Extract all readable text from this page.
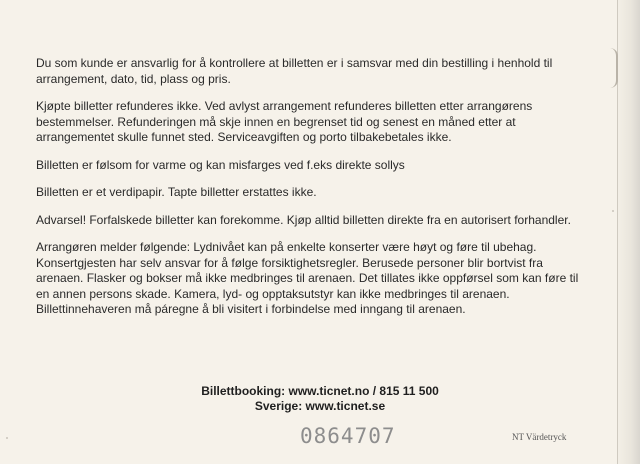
Du som kunde er ansvarlig for å kontrollere at billetten er i samsvar med din bestilling i henhold til arrangement, dato, tid, plass og pris.

Kjøpte billetter refunderes ikke. Ved avlyst arrangement refunderes billetten etter arrangørens bestemmelser. Refunderingen må skje innen en begrenset tid og senest en måned etter at arrangementet skulle funnet sted. Serviceavgiften og porto tilbakebetales ikke.

Billetten er følsom for varme og kan misfarges ved f.eks direkte sollys

Billetten er et verdipapir. Tapte billetter erstattes ikke.

Advarsel! Forfalskede billetter kan forekomme. Kjøp alltid billetten direkte fra en autorisert forhandler.

Arrangøren melder følgende: Lydnivået kan på enkelte konserter være høyt og føre til ubehag. Konsertgjesten har selv ansvar for å følge forsiktighetsregler. Berusede personer blir bortvist fra arenaen. Flasker og bokser må ikke medbringes til arenaen. Det tillates ikke oppførsel som kan føre til en annen persons skade. Kamera, lyd- og opptaksutstyr kan ikke medbringes til arenaen. Billettinnehaveren må páregne å bli visitert i forbindelse med inngang til arenaen.

Billettbooking: www.ticnet.no / 815 11 500
Sverige: www.ticnet.se
0864707	NT Värdetryck
